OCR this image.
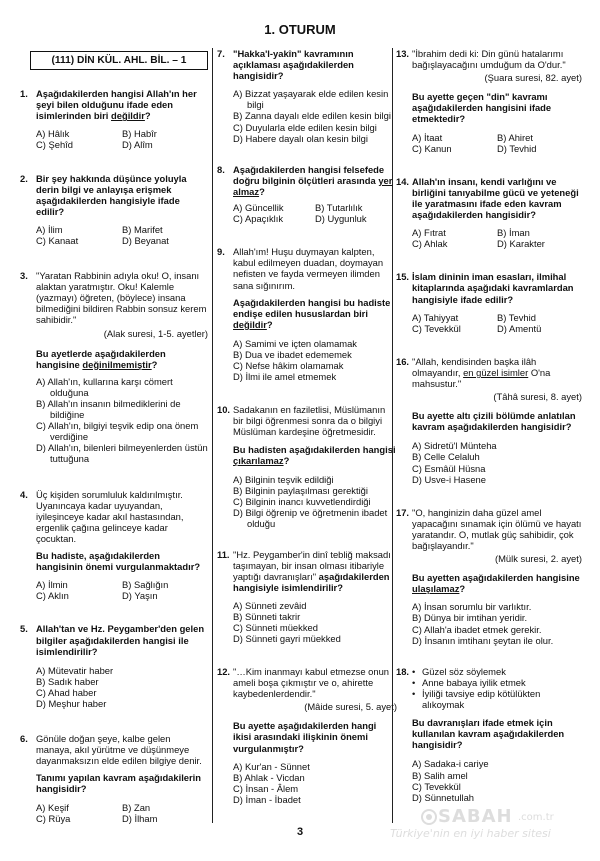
1. OTURUM
(111) DİN KÜL. AHL. BİL. – 1
1. Aşağıdakilerden hangisi Allah'ın her şeyi bilen olduğunu ifade eden isimlerinden biri değildir?

A) Hâlık	B) Habîr
C) Şehîd	D) Alîm
2. Bir şey hakkında düşünce yoluyla derin bilgi ve anlayışa erişmek aşağıdakilerden hangisiyle ifade edilir?

A) İlim	B) Marifet
C) Kanaat	D) Beyanat
3. "Yaratan Rabbinin adıyla oku! O, insanı alaktan yaratmıştır. Oku! Kalemle (yazmayı) öğreten, (böylece) insana bilmediğini bildiren Rabbin sonsuz kerem sahibidir."

(Alak suresi, 1-5. ayetler)

Bu ayetlerde aşağıdakilerden hangisine değinilmemiştir?

A) Allah'ın, kullarına karşı cömert olduğuna
B) Allah'ın insanın bilmediklerini de bildiğine
C) Allah'ın, bilgiyi teşvik edip ona önem verdiğine
D) Allah'ın, bilenleri bilmeyenlerden üstün tuttuğuna
4. Üç kişiden sorumluluk kaldırılmıştır. Uyanıncaya kadar uyuyandan, iyileşinceye kadar akıl hastasından, ergenlik çağına gelinceye kadar çocuktan.

Bu hadiste, aşağıdakilerden hangisinin önemi vurgulanmaktadır?

A) İlmin	B) Sağlığın
C) Aklın	D) Yaşın
5. Allah'tan ve Hz. Peygamber'den gelen bilgiler aşağıdakilerden hangisi ile isimlendirilir?

A) Mütevatir haber
B) Sadık haber
C) Ahad haber
D) Meşhur haber
6. Gönüle doğan şeye, kalbe gelen manaya, akıl yürütme ve düşünmeye dayanmaksızın elde edilen bilgiye denir.

Tanımı yapılan kavram aşağıdakilerin hangisidir?

A) Keşif	B) Zan
C) Rüya	D) İlham
7. "Hakka'l-yakîn" kavramının açıklaması aşağıdakilerden hangisidir?

A) Bizzat yaşayarak elde edilen kesin bilgi
B) Zanna dayalı elde edilen kesin bilgi
C) Duyularla elde edilen kesin bilgi
D) Habere dayalı olan kesin bilgi
8. Aşağıdakilerden hangisi felsefede doğru bilginin ölçütleri arasında yer almaz?

A) Güncellik	B) Tutarlılık
C) Apaçıklık	D) Uygunluk
9. Allah'ım! Huşu duymayan kalpten, kabul edilmeyen duadan, doymayan nefisten ve fayda vermeyen ilimden sana sığınırım.

Aşağıdakilerden hangisi bu hadiste endişe edilen hususlardan biri değildir?

A) Samimi ve içten olamamak
B) Dua ve ibadet edememek
C) Nefse hâkim olamamak
D) İlmi ile amel etmemek
10. Sadakanın en faziletlisi, Müslümanın bir bilgi öğrenmesi sonra da o bilgiyi Müslüman kardeşine öğretmesidir.

Bu hadisten aşağıdakilerden hangisi çıkarılamaz?

A) Bilginin teşvik edildiği
B) Bilginin paylaşılması gerektiği
C) Bilginin inancı kuvvetlendirdiği
D) Bilgi öğrenip ve öğretmenin ibadet olduğu
11. "Hz. Peygamber'in dinî tebliğ maksadı taşımayan, bir insan olması itibariyle yaptığı davranışları" aşağıdakilerden hangisiyle isimlendirilir?

A) Sünneti zevâid
B) Sünneti takrir
C) Sünneti müekked
D) Sünneti gayri müekked
12. "…Kim inanmayı kabul etmezse onun ameli boşa çıkmıştır ve o, ahirette kaybedenlerdendir."

(Mâide suresi, 5. ayet)

Bu ayette aşağıdakilerden hangi ikisi arasındaki ilişkinin önemi vurgulanmıştır?

A) Kur'an - Sünnet
B) Ahlak - Vicdan
C) İnsan - Âlem
D) İman - İbadet
13. "İbrahim dedi ki: Din günü hatalarımı bağışlayacağını umduğum da O'dur."

(Şuara suresi, 82. ayet)

Bu ayette geçen "din" kavramı aşağıdakilerden hangisini ifade etmektedir?

A) İtaat	B) Ahiret
C) Kanun	D) Tevhid
14. Allah'ın insanı, kendi varlığını ve birliğini tanıyabilme gücü ve yeteneği ile yaratmasını ifade eden kavram aşağıdakilerden hangisidir?

A) Fıtrat	B) İman
C) Ahlak	D) Karakter
15. İslam dininin iman esasları, ilmihal kitaplarında aşağıdaki kavramlardan hangisiyle ifade edilir?

A) Tahiyyat	B) Tevhid
C) Tevekkül	D) Amentü
16. "Allah, kendisinden başka ilâh olmayandır, en güzel isimler O'na mahsustur."

(Tâhâ suresi, 8. ayet)

Bu ayette altı çizili bölümde anlatılan kavram aşağıdakilerden hangisidir?

A) Sidretü'l Münteha
B) Celle Celaluh
C) Esmâül Hüsna
D) Usve-i Hasene
17. "O, hanginizin daha güzel amel yapacağını sınamak için ölümü ve hayatı yaratandır. O, mutlak güç sahibidir, çok bağışlayandır."

(Mülk suresi, 2. ayet)

Bu ayetten aşağıdakilerden hangisine ulaşılamaz?

A) İnsan sorumlu bir varlıktır.
B) Dünya bir imtihan yeridir.
C) Allah'a ibadet etmek gerekir.
D) İnsanın imtihanı şeytan ile olur.
18.
•	Güzel söz söylemek
• Anne babaya iyilik etmek
• İyiliği tavsiye edip kötülükten alıkoymak

Bu davranışları ifade etmek için kullanılan kavram aşağıdakilerden hangisidir?

A) Sadaka-i cariye
B) Salih amel
C) Tevekkül
D) Sünnetullah
SABAH .com.tr
Türkiye'nin en iyi haber sitesi
3
